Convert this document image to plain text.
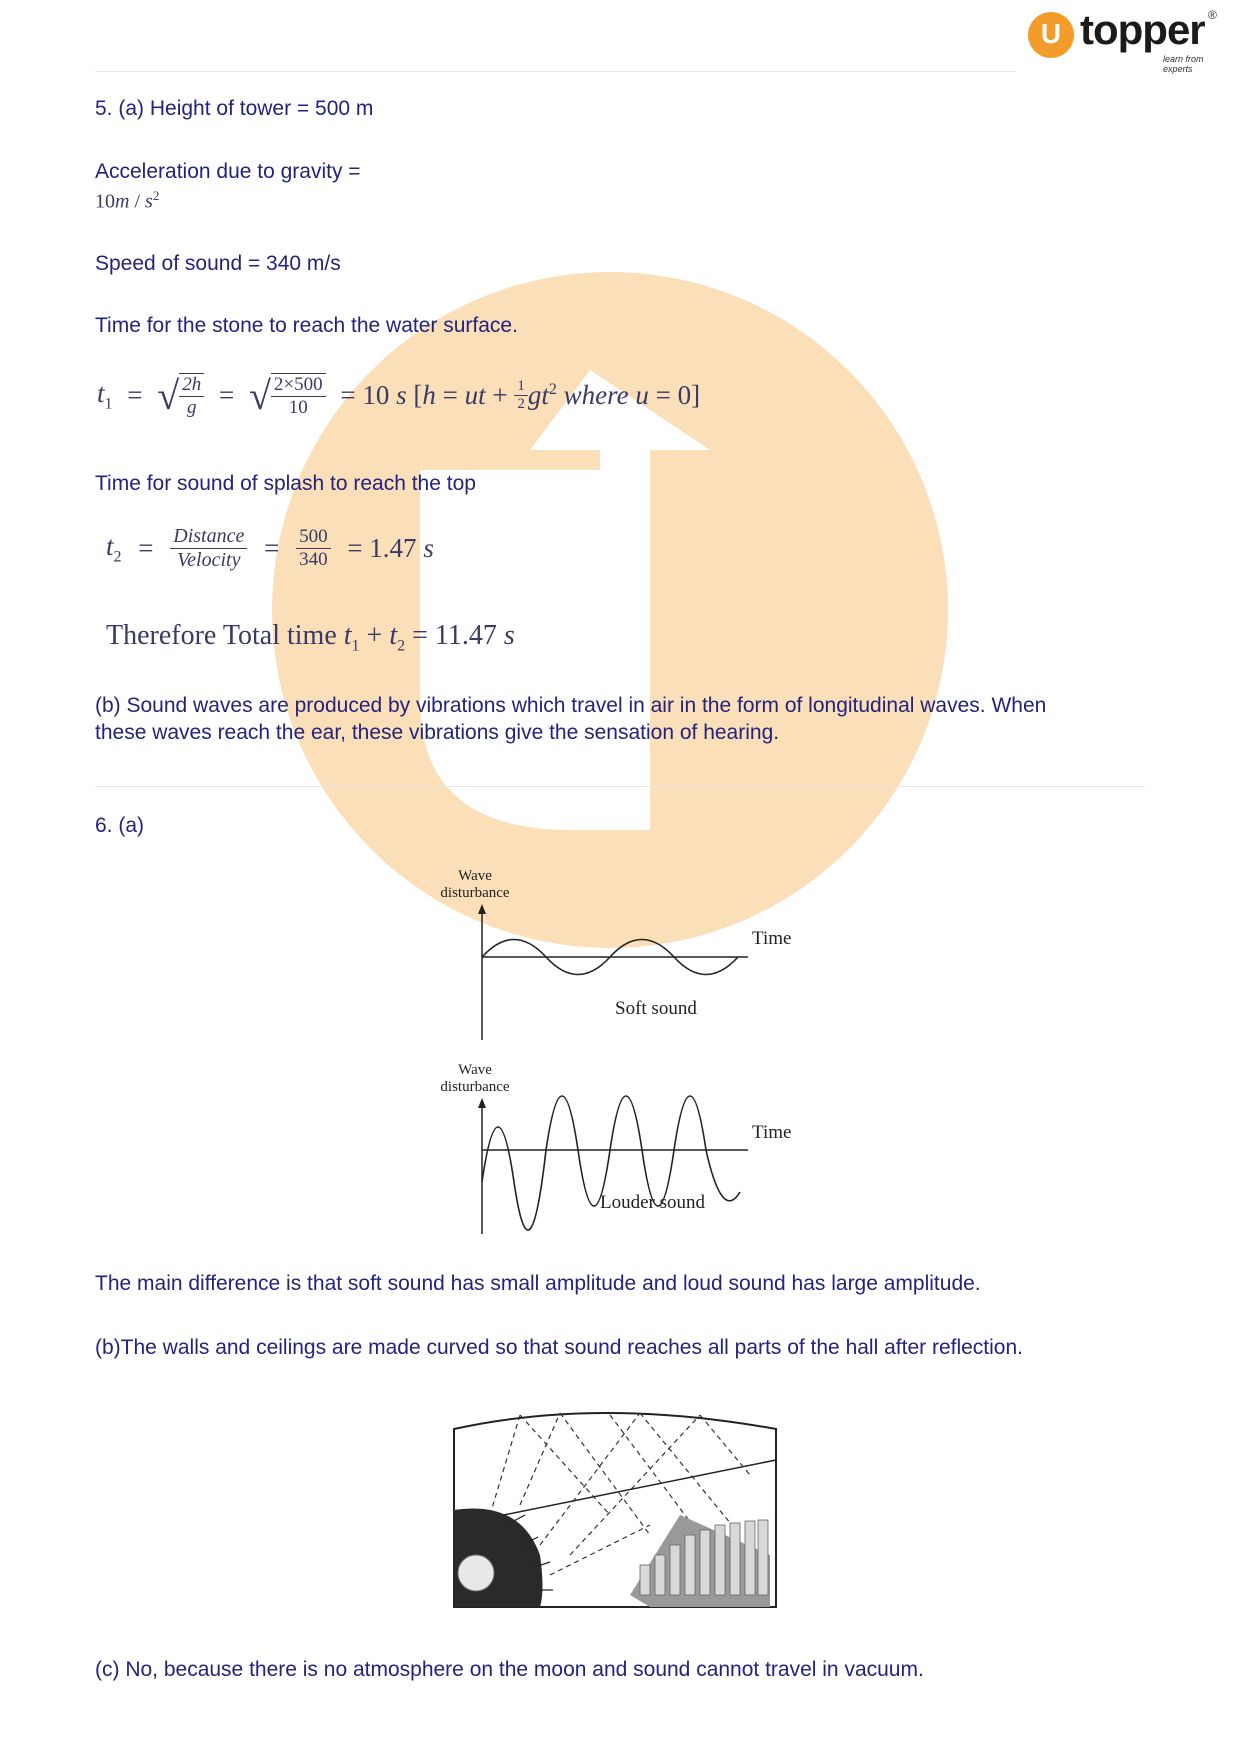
U topper ®
learn from experts
5. (a) Height of tower = 500 m
Acceleration due to gravity =
$10m / s^2$
Speed of sound = 340 m/s
Time for the stone to reach the water surface.
$t_1$ = √ $\frac{2h}{g}$ = √ $\frac{2\times 500}{10} = 10$ s [h = ut + $\frac{1}{2} gt^2$ where u = 0]
Time for sound of splash to reach the top
$t_2 = \frac{\text{Distance}}{\text{Velocity}} = \frac{500}{340} = 1.47$ s
Therefore Total time $t_1 + t_2 = 11.47$ s
(b) Sound waves are produced by vibrations which travel in air in the form of longitudinal waves. When
these waves reach the ear, these vibrations give the sensation of hearing.
6. (a)
Wave
disturbance
Time
Soft sound
Wave
disturbance
Time
Louder sound
The main difference is that soft sound has small amplitude and loud sound has large amplitude.
(b)The walls and ceilings are made curved so that sound reaches all parts of the hall after reflection.
(c) No, because there is no atmosphere on the moon and sound cannot travel in vacuum.
